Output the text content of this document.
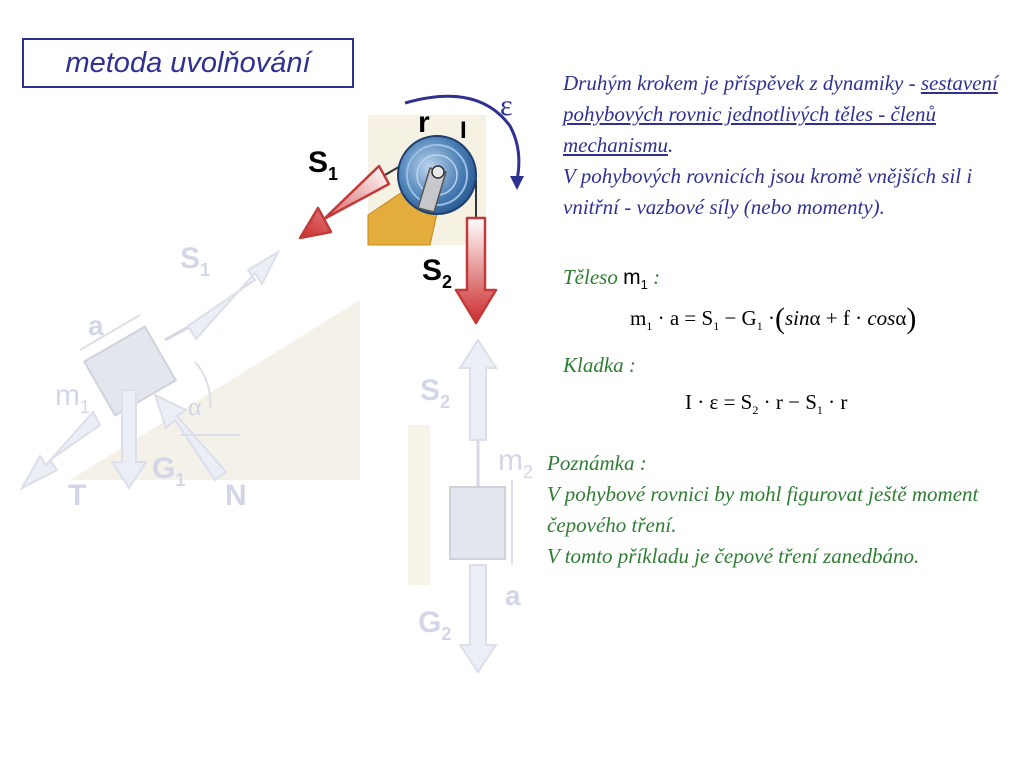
metoda uvolňování
$S_1$
a
$m_1$	α
$G_1$
T	N
$S_2$
$m_2$
a
$G_2$
r I
ε
$S_1$
$S_2$
Druhým krokem je příspěvek z dynamiky - sestavení pohybových rovnic jednotlivých těles - členů mechanismu.
V pohybových rovnicích jsou kromě vnějších sil i vnitřní - vazbové síly (nebo momenty).
Těleso $m_1$ :
$m_1 \cdot a = S_1 - G_1 \cdot(\sin\alpha + f \cdot \cos\alpha)$
Kladka :
$I \cdot \varepsilon = S_2 \cdot r - S_1 \cdot r$
Poznámka :
V pohybové rovnici by mohl figurovat ještě moment čepového tření.
V tomto příkladu je čepové tření zanedbáno.
